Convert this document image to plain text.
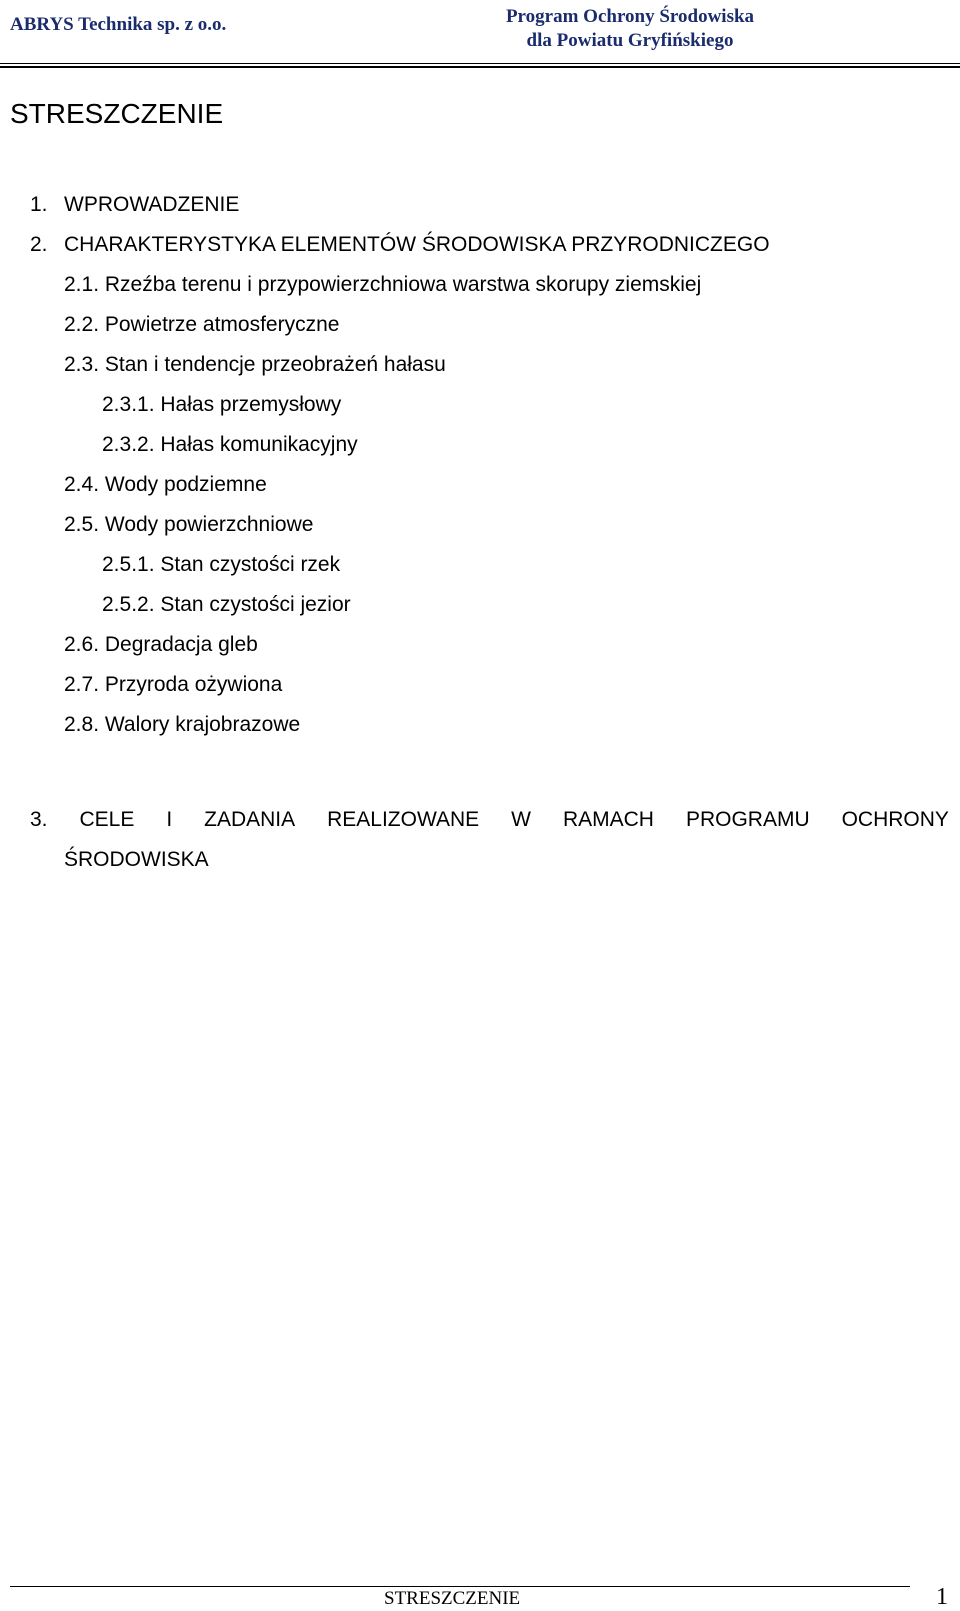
ABRYS Technika sp. z o.o.	Program Ochrony Środowiska
dla Powiatu Gryfińskiego
STRESZCZENIE
1. WPROWADZENIE
2. CHARAKTERYSTYKA ELEMENTÓW ŚRODOWISKA PRZYRODNICZEGO
2.1. Rzeźba terenu i przypowierzchniowa warstwa skorupy ziemskiej
2.2. Powietrze atmosferyczne
2.3. Stan i tendencje przeobrażeń hałasu
2.3.1. Hałas przemysłowy
2.3.2. Hałas komunikacyjny
2.4. Wody podziemne
2.5. Wody powierzchniowe
2.5.1. Stan czystości rzek
2.5.2. Stan czystości jezior
2.6. Degradacja gleb
2.7. Przyroda ożywiona
2.8. Walory krajobrazowe
3. CELE I ZADANIA REALIZOWANE W RAMACH PROGRAMU OCHRONY
ŚRODOWISKA
STRESZCZENIE	1
